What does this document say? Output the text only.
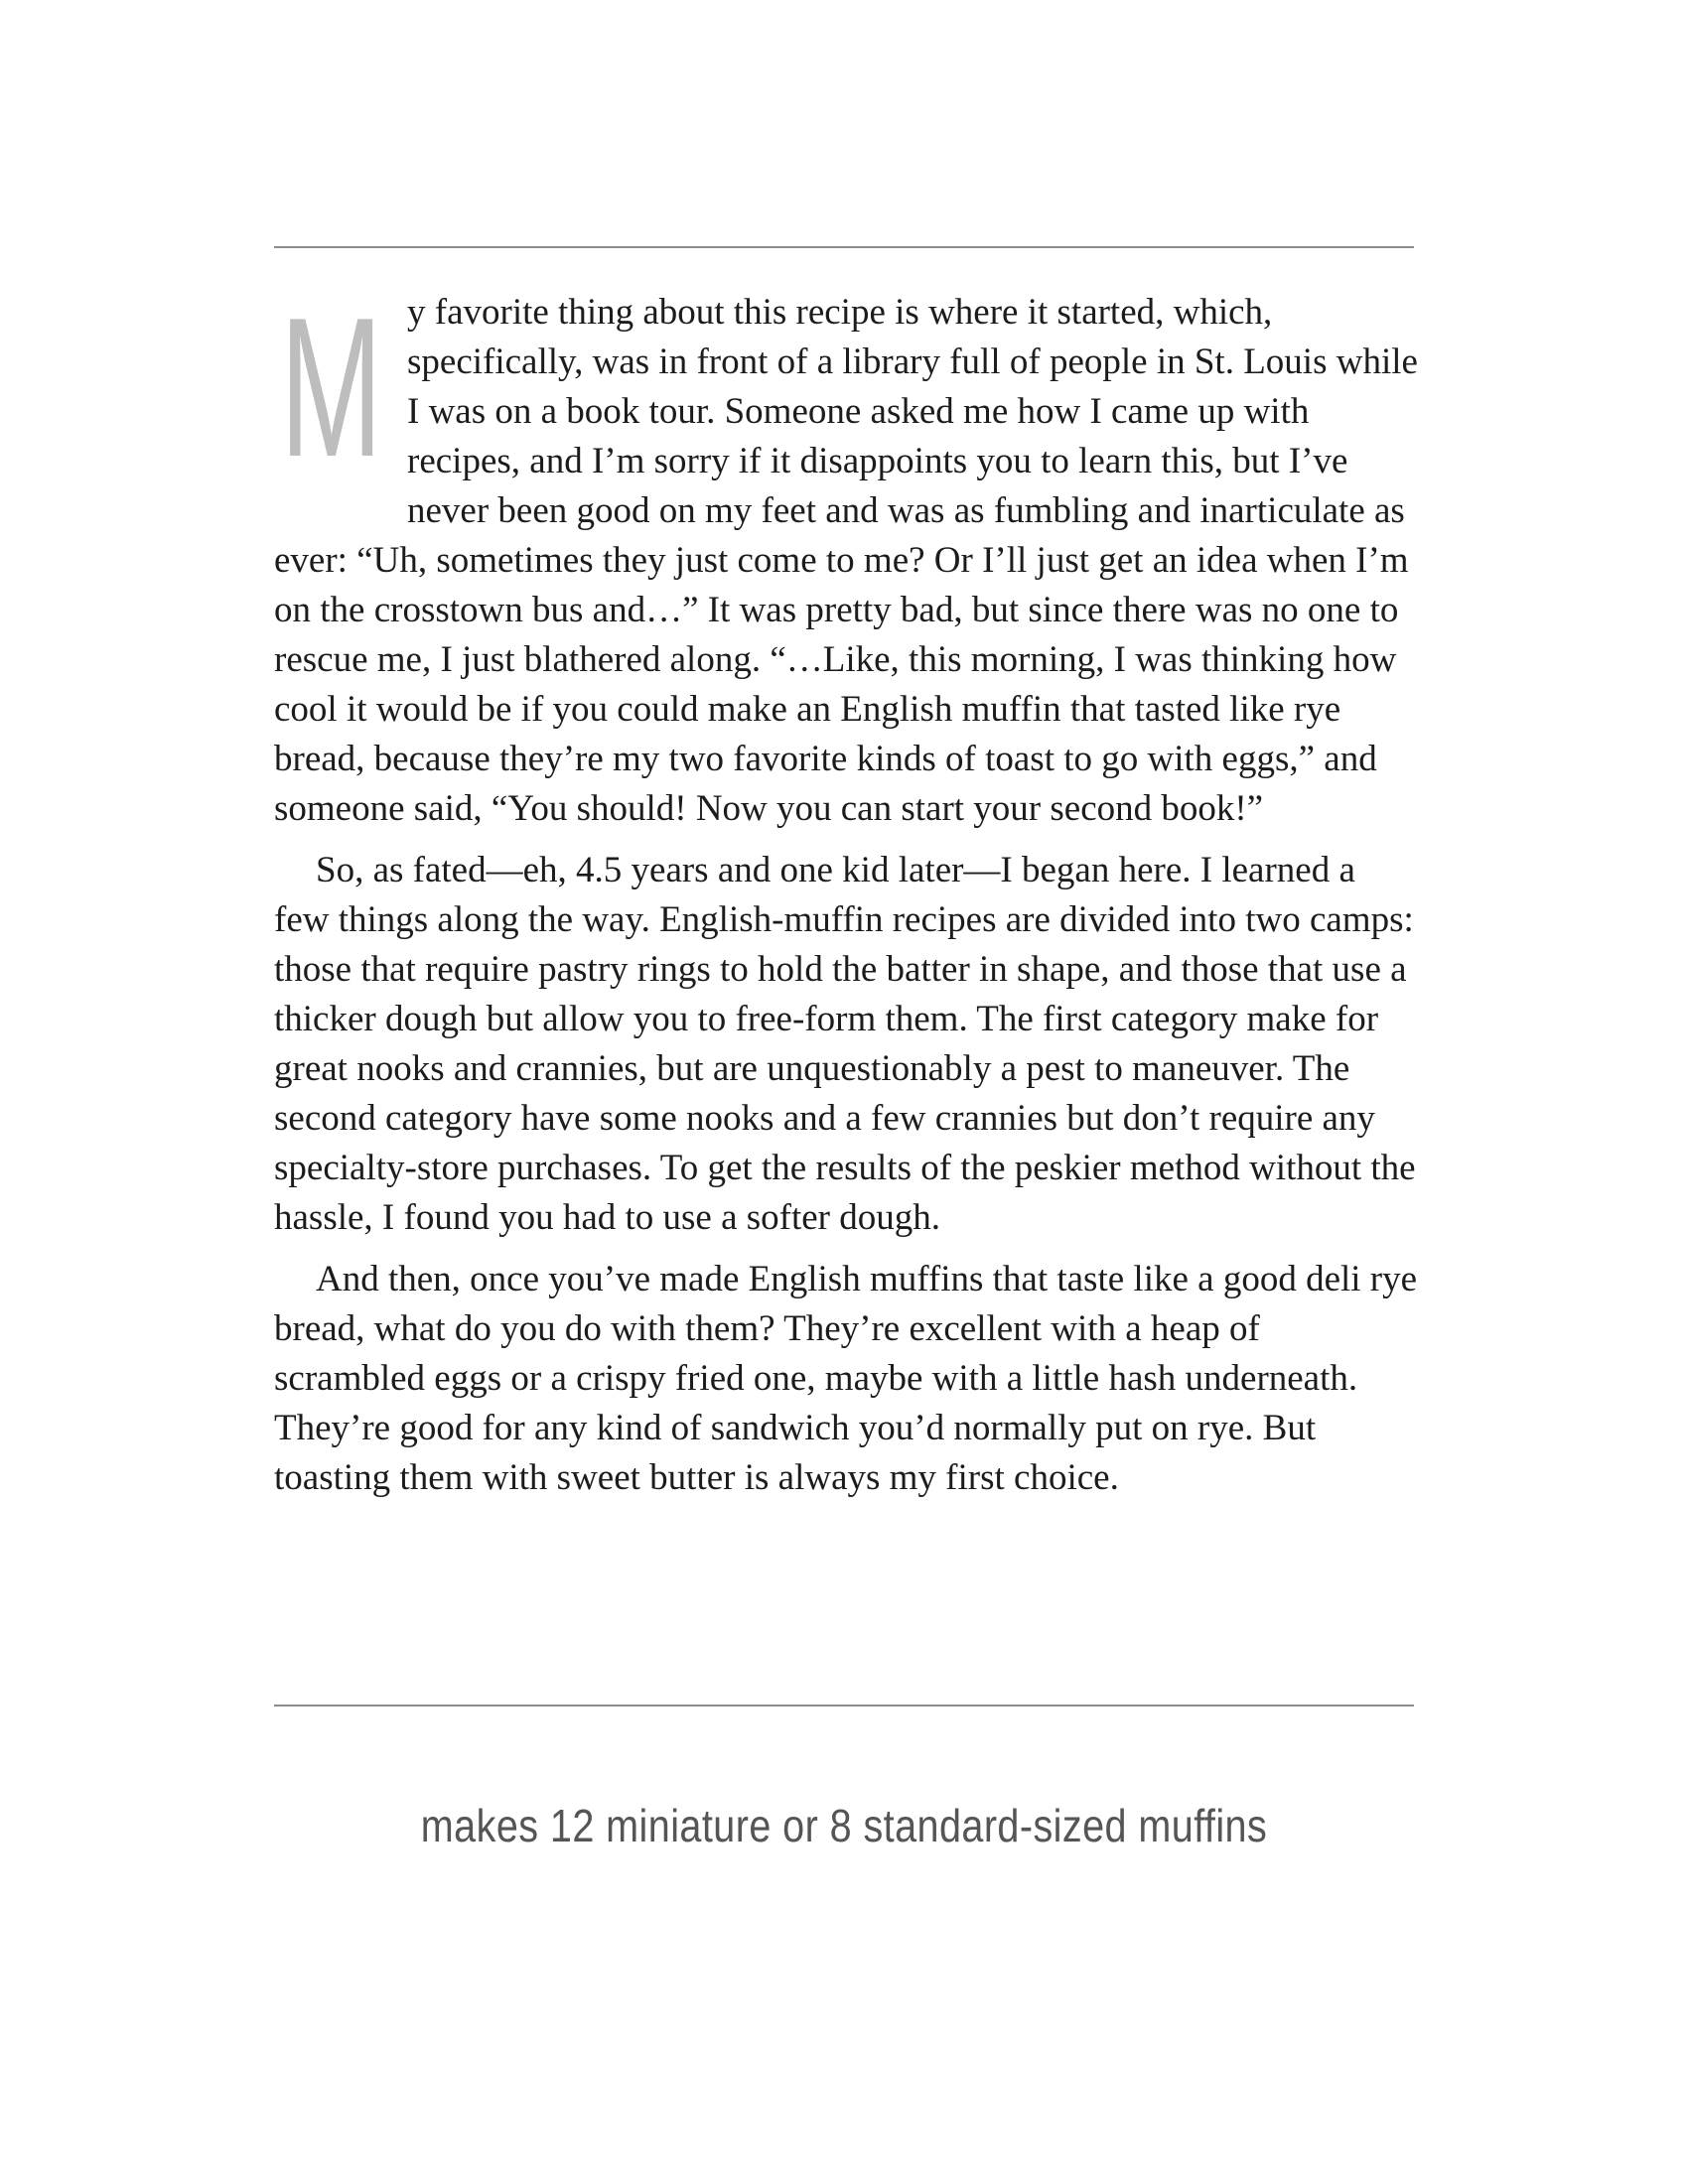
My favorite thing about this recipe is where it started, which, specifically, was in front of a library full of people in St. Louis while I was on a book tour. Someone asked me how I came up with recipes, and I’m sorry if it disappoints you to learn this, but I’ve never been good on my feet and was as fumbling and inarticulate as ever: “Uh, sometimes they just come to me? Or I’ll just get an idea when I’m on the crosstown bus and…” It was pretty bad, but since there was no one to rescue me, I just blathered along. “…Like, this morning, I was thinking how cool it would be if you could make an English muffin that tasted like rye bread, because they’re my two favorite kinds of toast to go with eggs,” and someone said, “You should! Now you can start your second book!”

So, as fated—eh, 4.5 years and one kid later—I began here. I learned a few things along the way. English-muffin recipes are divided into two camps: those that require pastry rings to hold the batter in shape, and those that use a thicker dough but allow you to free-form them. The first category make for great nooks and crannies, but are unquestionably a pest to maneuver. The second category have some nooks and a few crannies but don’t require any specialty-store purchases. To get the results of the peskier method without the hassle, I found you had to use a softer dough.

And then, once you’ve made English muffins that taste like a good deli rye bread, what do you do with them? They’re excellent with a heap of scrambled eggs or a crispy fried one, maybe with a little hash underneath. They’re good for any kind of sandwich you’d normally put on rye. But toasting them with sweet butter is always my first choice.

makes 12 miniature or 8 standard-sized muffins
